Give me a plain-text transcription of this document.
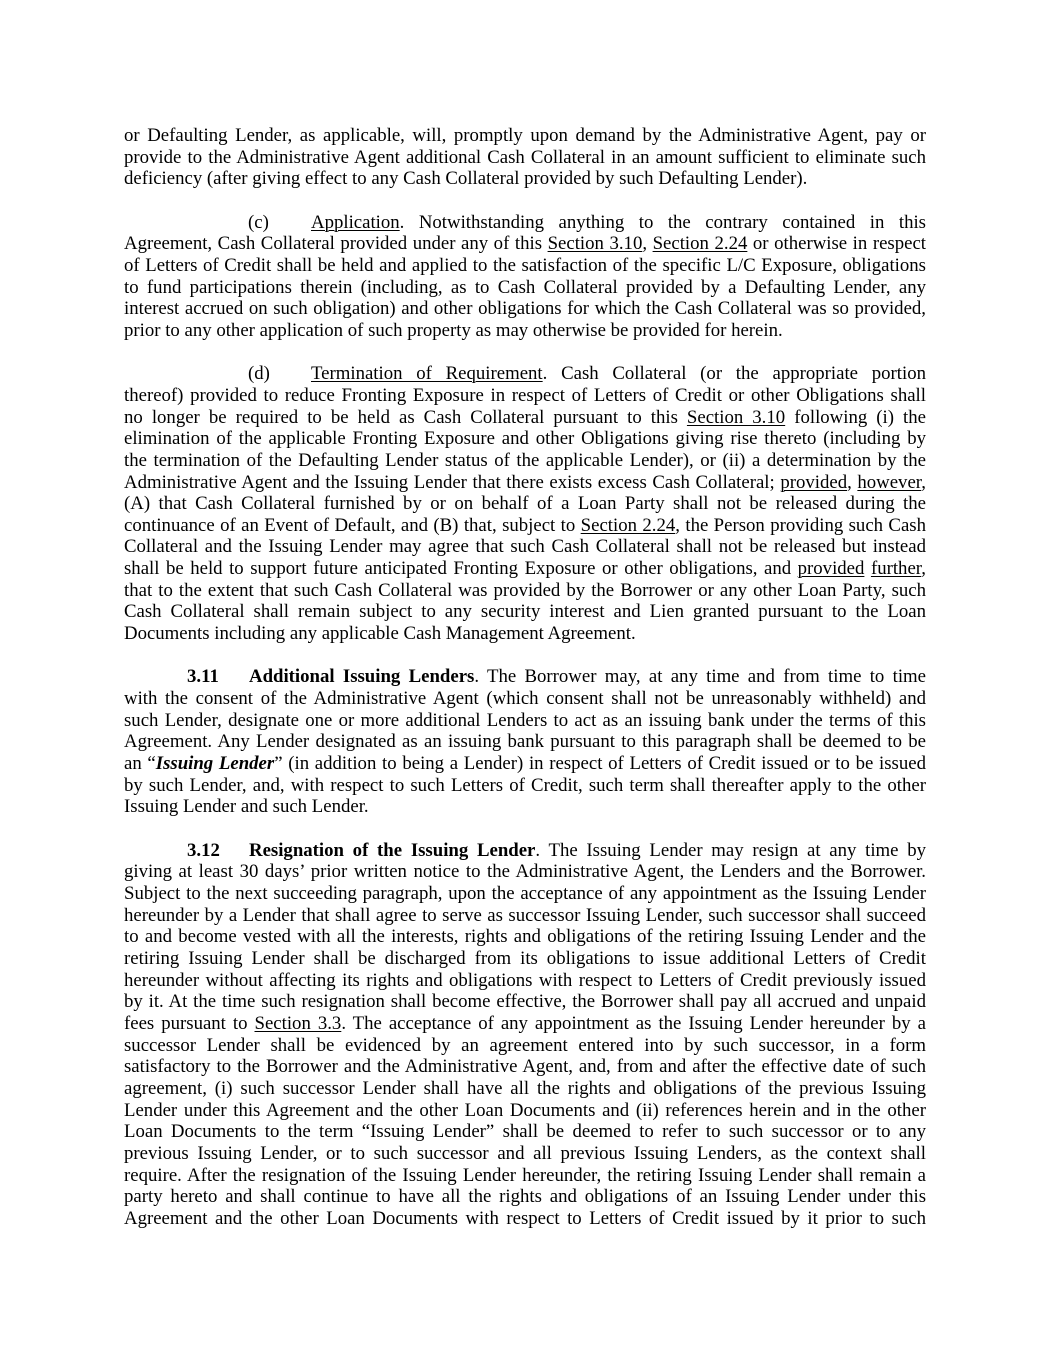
or Defaulting Lender, as applicable, will, promptly upon demand by the Administrative Agent, pay or
provide to the Administrative Agent additional Cash Collateral in an amount sufficient to eliminate such
deficiency (after giving effect to any Cash Collateral provided by such Defaulting Lender).
(c) Application. Notwithstanding anything to the contrary contained in this
Agreement, Cash Collateral provided under any of this Section 3.10, Section 2.24 or otherwise in respect
of Letters of Credit shall be held and applied to the satisfaction of the specific L/C Exposure, obligations
to fund participations therein (including, as to Cash Collateral provided by a Defaulting Lender, any
interest accrued on such obligation) and other obligations for which the Cash Collateral was so provided,
prior to any other application of such property as may otherwise be provided for herein.
(d) Termination of Requirement. Cash Collateral (or the appropriate portion
thereof) provided to reduce Fronting Exposure in respect of Letters of Credit or other Obligations shall
no longer be required to be held as Cash Collateral pursuant to this Section 3.10 following (i) the
elimination of the applicable Fronting Exposure and other Obligations giving rise thereto (including by
the termination of the Defaulting Lender status of the applicable Lender), or (ii) a determination by the
Administrative Agent and the Issuing Lender that there exists excess Cash Collateral; provided, however,
(A) that Cash Collateral furnished by or on behalf of a Loan Party shall not be released during the
continuance of an Event of Default, and (B) that, subject to Section 2.24, the Person providing such Cash
Collateral and the Issuing Lender may agree that such Cash Collateral shall not be released but instead
shall be held to support future anticipated Fronting Exposure or other obligations, and provided further,
that to the extent that such Cash Collateral was provided by the Borrower or any other Loan Party, such
Cash Collateral shall remain subject to any security interest and Lien granted pursuant to the Loan
Documents including any applicable Cash Management Agreement.
3.11 Additional Issuing Lenders. The Borrower may, at any time and from time to time
with the consent of the Administrative Agent (which consent shall not be unreasonably withheld) and
such Lender, designate one or more additional Lenders to act as an issuing bank under the terms of this
Agreement. Any Lender designated as an issuing bank pursuant to this paragraph shall be deemed to be
an “Issuing Lender” (in addition to being a Lender) in respect of Letters of Credit issued or to be issued
by such Lender, and, with respect to such Letters of Credit, such term shall thereafter apply to the other
Issuing Lender and such Lender.
3.12 Resignation of the Issuing Lender. The Issuing Lender may resign at any time by
giving at least 30 days’ prior written notice to the Administrative Agent, the Lenders and the Borrower.
Subject to the next succeeding paragraph, upon the acceptance of any appointment as the Issuing Lender
hereunder by a Lender that shall agree to serve as successor Issuing Lender, such successor shall succeed
to and become vested with all the interests, rights and obligations of the retiring Issuing Lender and the
retiring Issuing Lender shall be discharged from its obligations to issue additional Letters of Credit
hereunder without affecting its rights and obligations with respect to Letters of Credit previously issued
by it. At the time such resignation shall become effective, the Borrower shall pay all accrued and unpaid
fees pursuant to Section 3.3. The acceptance of any appointment as the Issuing Lender hereunder by a
successor Lender shall be evidenced by an agreement entered into by such successor, in a form
satisfactory to the Borrower and the Administrative Agent, and, from and after the effective date of such
agreement, (i) such successor Lender shall have all the rights and obligations of the previous Issuing
Lender under this Agreement and the other Loan Documents and (ii) references herein and in the other
Loan Documents to the term “Issuing Lender” shall be deemed to refer to such successor or to any
previous Issuing Lender, or to such successor and all previous Issuing Lenders, as the context shall
require. After the resignation of the Issuing Lender hereunder, the retiring Issuing Lender shall remain a
party hereto and shall continue to have all the rights and obligations of an Issuing Lender under this
Agreement and the other Loan Documents with respect to Letters of Credit issued by it prior to such
